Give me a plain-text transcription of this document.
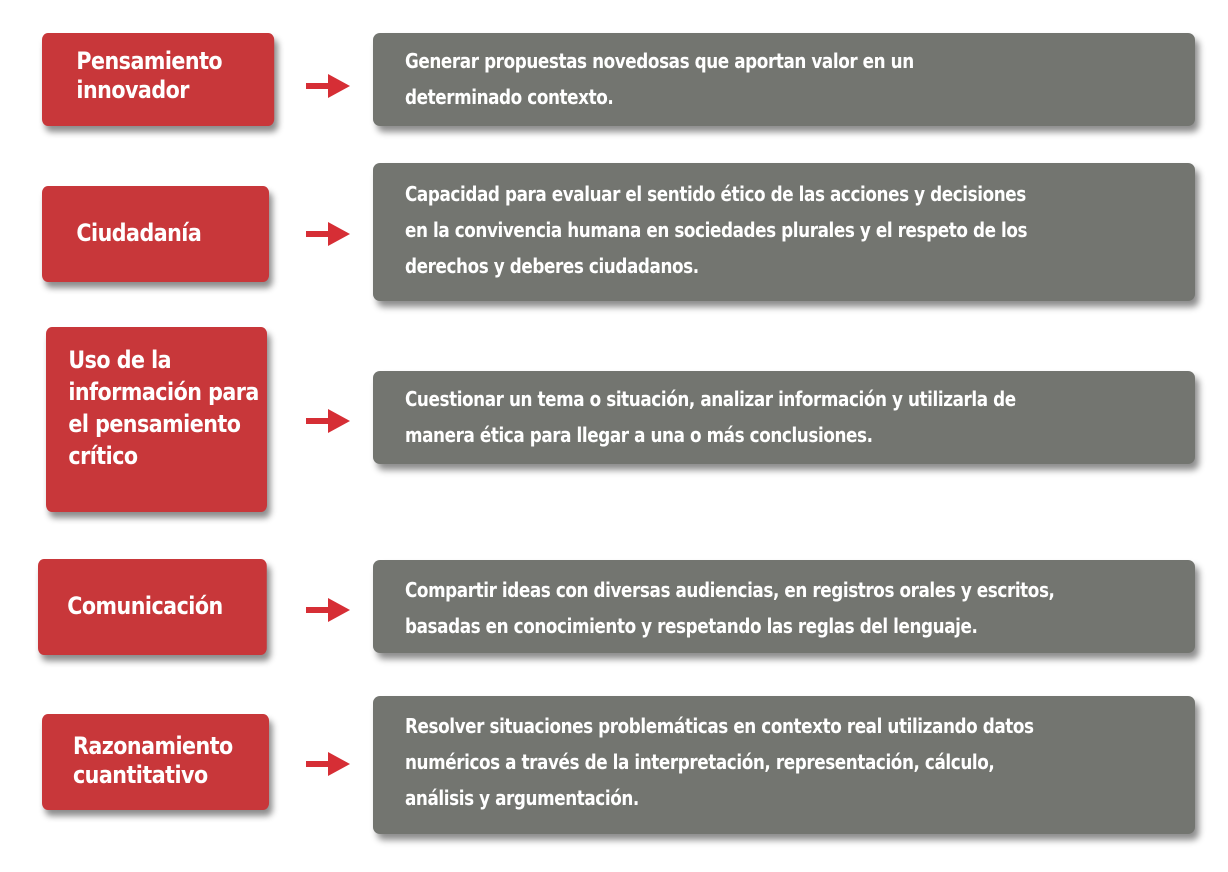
Pensamiento
innovador
Generar propuestas novedosas que aportan valor en un
determinado contexto.
Ciudadanía
Capacidad para evaluar el sentido ético de las acciones y decisiones
en la convivencia humana en sociedades plurales y el respeto de los
derechos y deberes ciudadanos.
Uso de la
información para
el pensamiento
crítico
Cuestionar un tema o situación, analizar información y utilizarla de
manera ética para llegar a una o más conclusiones.
Comunicación
Compartir ideas con diversas audiencias, en registros orales y escritos,
basadas en conocimiento y respetando las reglas del lenguaje.
Razonamiento
cuantitativo
Resolver situaciones problemáticas en contexto real utilizando datos
numéricos a través de la interpretación, representación, cálculo,
análisis y argumentación.
